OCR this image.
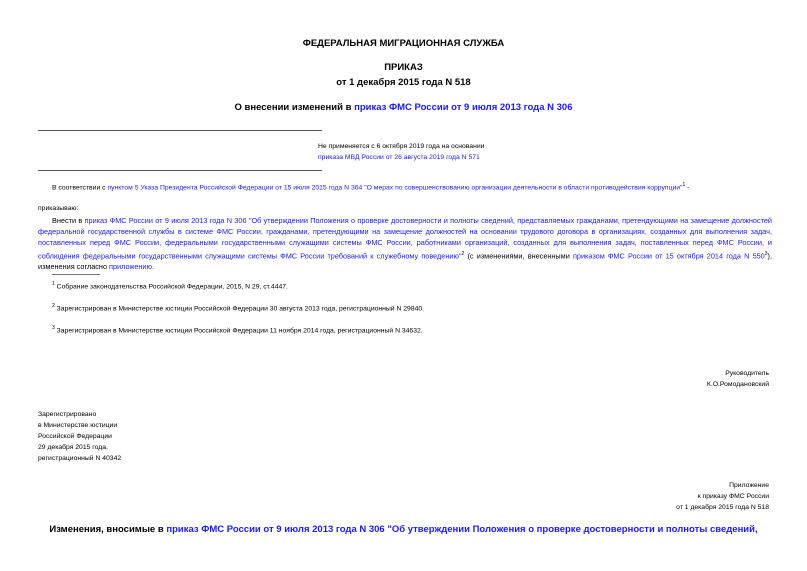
ФЕДЕРАЛЬНАЯ МИГРАЦИОННАЯ СЛУЖБА
ПРИКАЗ
от 1 декабря 2015 года N 518
О внесении изменений в приказ ФМС России от 9 июля 2013 года N 306
Не применяется с 6 октября 2019 года на основании
приказа МВД России от 26 августа 2019 года N 571
В соответствии с пунктом 5 Указа Президента Российской Федерации от 15 июля 2015 года N 364 "О мерах по совершенствованию организации деятельности в области противодействия коррупции"$^1$ -
приказываю:
Внести в приказ ФМС России от 9 июля 2013 года N 306 "Об утверждении Положения о проверке достоверности и полноты сведений, представляемых гражданами, претендующими на замещение должностей федеральной государственной службы в системе ФМС России, гражданами, претендующими на замещение должностей на основании трудового договора в организациях, созданных для выполнения задач, поставленных перед ФМС России, федеральными государственными служащими системы ФМС России, работниками организаций, созданных для выполнения задач, поставленных перед ФМС России, и соблюдения федеральными государственными служащими системы ФМС России требований к служебному поведению"$^2$ (с изменениями, внесенными приказом ФМС России от 15 октября 2014 года N $550^3$), изменения согласно приложению.
$^1$ Собрание законодательства Российской Федерации, 2015, N 29, ст.4447.
$^2$ Зарегистрирован в Министерстве юстиции Российской Федерации 30 августа 2013 года, регистрационный N 29840.
$^3$ Зарегистрирован в Министерстве юстиции Российской Федерации 11 ноября 2014 года, регистрационный N 34632.
Руководитель
К.О.Ромодановский
Зарегистрировано
в Министерстве юстиции
Российской Федерации
29 декабря 2015 года,
регистрационный N 40342
Приложение
к приказу ФМС России
от 1 декабря 2015 года N 518
Изменения, вносимые в приказ ФМС России от 9 июля 2013 года N 306 "Об утверждении Положения о проверке достоверности и полноты сведений,
